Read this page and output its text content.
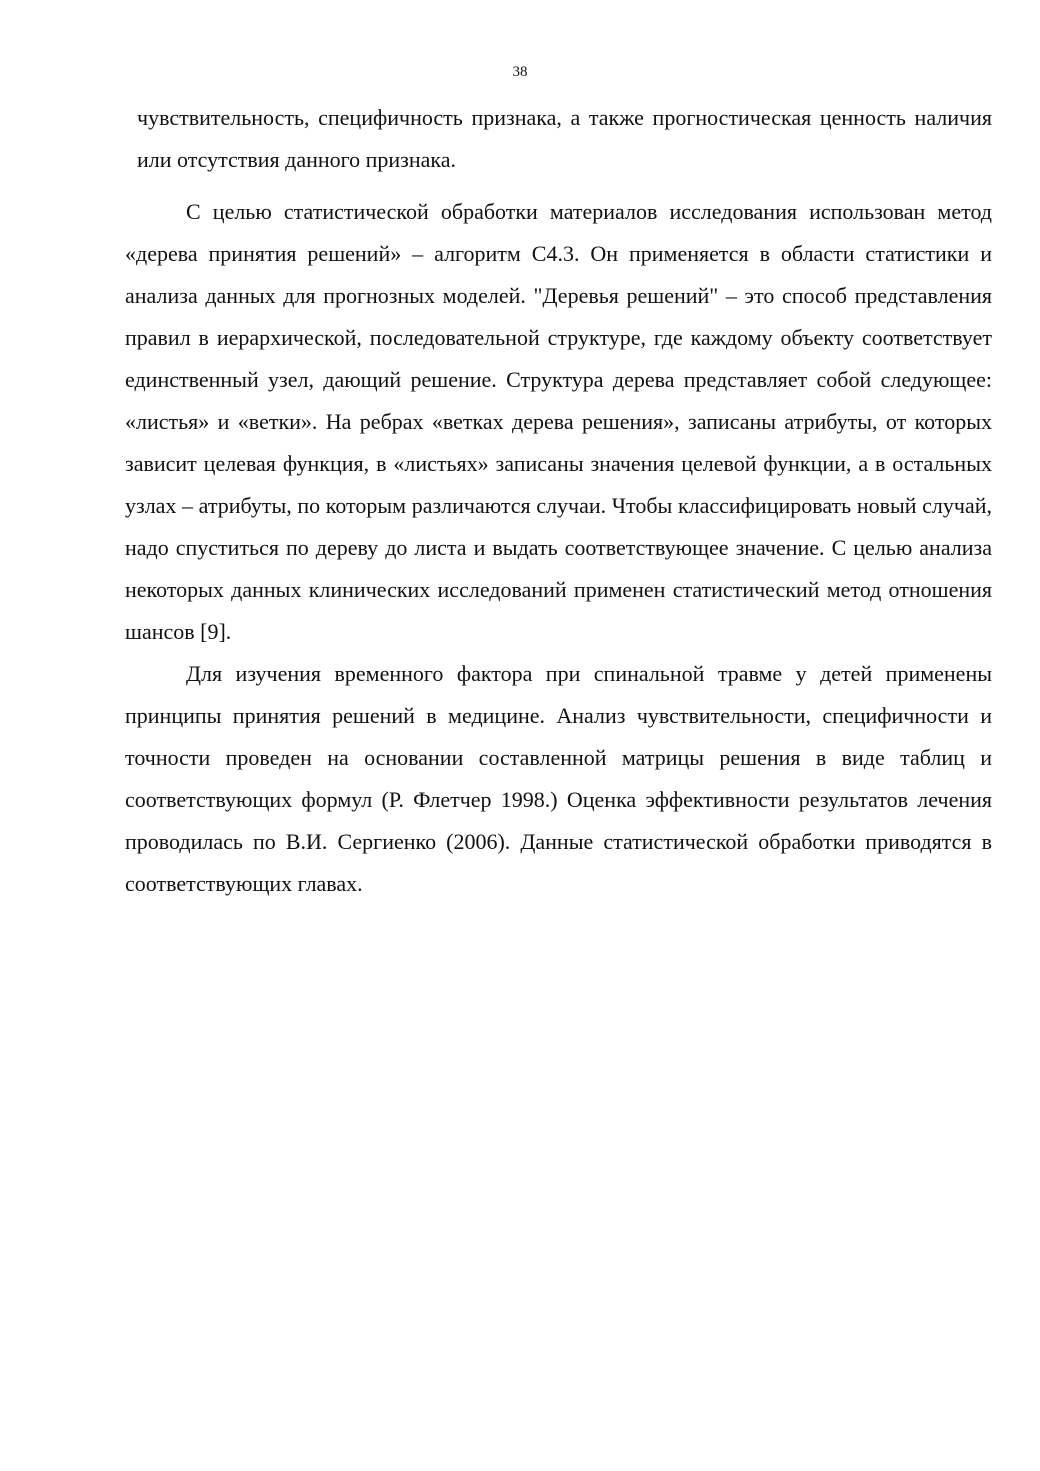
38

чувствительность, специфичность признака, а также прогностическая ценность наличия или отсутствия данного признака.

С целью статистической обработки материалов исследования использован метод «дерева принятия решений» – алгоритм С4.3. Он применяется в области статистики и анализа данных для прогнозных моделей. "Деревья решений" – это способ представления правил в иерархической, последовательной структуре, где каждому объекту соответствует единственный узел, дающий решение. Структура дерева представляет собой следующее: «листья» и «ветки». На ребрах «ветках дерева решения», записаны атрибуты, от которых зависит целевая функция, в «листьях» записаны значения целевой функции, а в остальных узлах – атрибуты, по которым различаются случаи. Чтобы классифицировать новый случай, надо спуститься по дереву до листа и выдать соответствующее значение. С целью анализа некоторых данных клинических исследований применен статистический метод отношения шансов [9].

Для изучения временного фактора при спинальной травме у детей применены принципы принятия решений в медицине. Анализ чувствительности, специфичности и точности проведен на основании составленной матрицы решения в виде таблиц и соответствующих формул (Р. Флетчер 1998.) Оценка эффективности результатов лечения проводилась по В.И. Сергиенко (2006). Данные статистической обработки приводятся в соответствующих главах.
